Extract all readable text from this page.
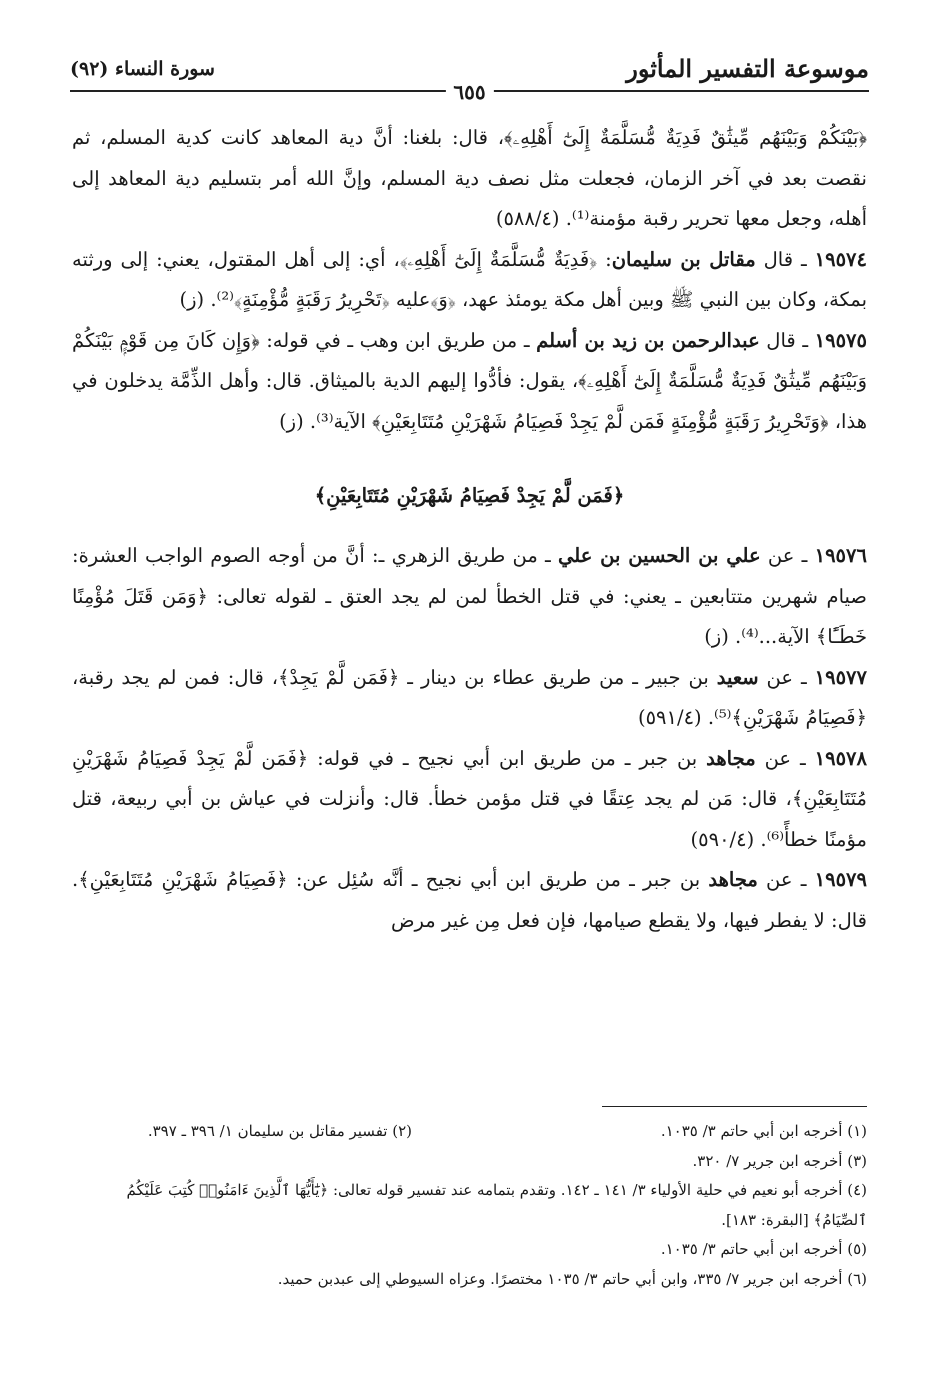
موسوعة التفسير المأثور
سورة النساء (٩٢)
٦٥٥

﴿بَيْنَكُمْ وَبَيْنَهُم مِّيثَٰقٌ فَدِيَةٌ مُّسَلَّمَةٌ إِلَىٰٓ أَهْلِهِۦ﴾، قال: بلغنا: أنَّ دية المعاهد كانت كدية المسلم، ثم نقصت بعد في آخر الزمان، فجعلت مثل نصف دية المسلم، وإنَّ الله أمر بتسليم دية المعاهد إلى أهله، وجعل معها تحرير رقبة مؤمنة⁽¹⁾. (٥٨٨/٤)

١٩٥٧٤ ـ قال مقاتل بن سليمان: ﴿فَدِيَةٌ مُّسَلَّمَةٌ إِلَىٰٓ أَهْلِهِۦ﴾، أي: إلى أهل المقتول، يعني: إلى ورثته بمكة، وكان بين النبي ﷺ وبين أهل مكة يومئذ عهد، ﴿وَ﴾عليه ﴿تَحْرِيرُ رَقَبَةٍ مُّؤْمِنَةٍ﴾⁽²⁾. (ز)

١٩٥٧٥ ـ قال عبدالرحمن بن زيد بن أسلم ـ من طريق ابن وهب ـ في قوله: ﴿وَإِن كَانَ مِن قَوْمٍۭ بَيْنَكُمْ وَبَيْنَهُم مِّيثَٰقٌ فَدِيَةٌ مُّسَلَّمَةٌ إِلَىٰٓ أَهْلِهِۦ﴾، يقول: فأدُّوا إليهم الدية بالميثاق. قال: وأهل الذِّمَّة يدخلون في هذا، ﴿وَتَحْرِيرُ رَقَبَةٍ مُّؤْمِنَةٍ فَمَن لَّمْ يَجِدْ فَصِيَامُ شَهْرَيْنِ مُتَتَابِعَيْنِ﴾ الآية⁽³⁾. (ز)

﴿فَمَن لَّمْ يَجِدْ فَصِيَامُ شَهْرَيْنِ مُتَتَابِعَيْنِ﴾

١٩٥٧٦ ـ عن علي بن الحسين بن علي ـ من طريق الزهري ـ: أنَّ من أوجه الصوم الواجب العشرة: صيام شهرين متتابعين ـ يعني: في قتل الخطأ لمن لم يجد العتق ـ لقوله تعالى: ﴿وَمَن قَتَلَ مُؤْمِنًا خَطَـًٔا﴾ الآية...⁽⁴⁾. (ز)

١٩٥٧٧ ـ عن سعيد بن جبير ـ من طريق عطاء بن دينار ـ ﴿فَمَن لَّمْ يَجِدْ﴾، قال: فمن لم يجد رقبة، ﴿فَصِيَامُ شَهْرَيْنِ﴾⁽⁵⁾. (٥٩١/٤)

١٩٥٧٨ ـ عن مجاهد بن جبر ـ من طريق ابن أبي نجيح ـ في قوله: ﴿فَمَن لَّمْ يَجِدْ فَصِيَامُ شَهْرَيْنِ مُتَتَابِعَيْنِ﴾، قال: مَن لم يجد عِتقًا في قتل مؤمن خطأ. قال: وأنزلت في عياش بن أبي ربيعة، قتل مؤمنًا خطأً⁽⁶⁾. (٥٩٠/٤)

١٩٥٧٩ ـ عن مجاهد بن جبر ـ من طريق ابن أبي نجيح ـ أنَّه سُئِل عن: ﴿فَصِيَامُ شَهْرَيْنِ مُتَتَابِعَيْنِ﴾. قال: لا يفطر فيها، ولا يقطع صيامها، فإن فعل مِن غير مرض

(١) أخرجه ابن أبي حاتم ٣/ ١٠٣٥.
(٢) تفسير مقاتل بن سليمان ١/ ٣٩٦ ـ ٣٩٧.

(٣) أخرجه ابن جرير ٧/ ٣٢٠.

(٤) أخرجه أبو نعيم في حلية الأولياء ٣/ ١٤١ ـ ١٤٢. وتقدم بتمامه عند تفسير قوله تعالى: ﴿يَٰٓأَيُّهَا ٱلَّذِينَ ءَامَنُوا۟ كُتِبَ عَلَيْكُمُ ٱلصِّيَامُ﴾ [البقرة: ١٨٣].

(٥) أخرجه ابن أبي حاتم ٣/ ١٠٣٥.

(٦) أخرجه ابن جرير ٧/ ٣٣٥، وابن أبي حاتم ٣/ ١٠٣٥ مختصرًا. وعزاه السيوطي إلى عبدبن حميد.
